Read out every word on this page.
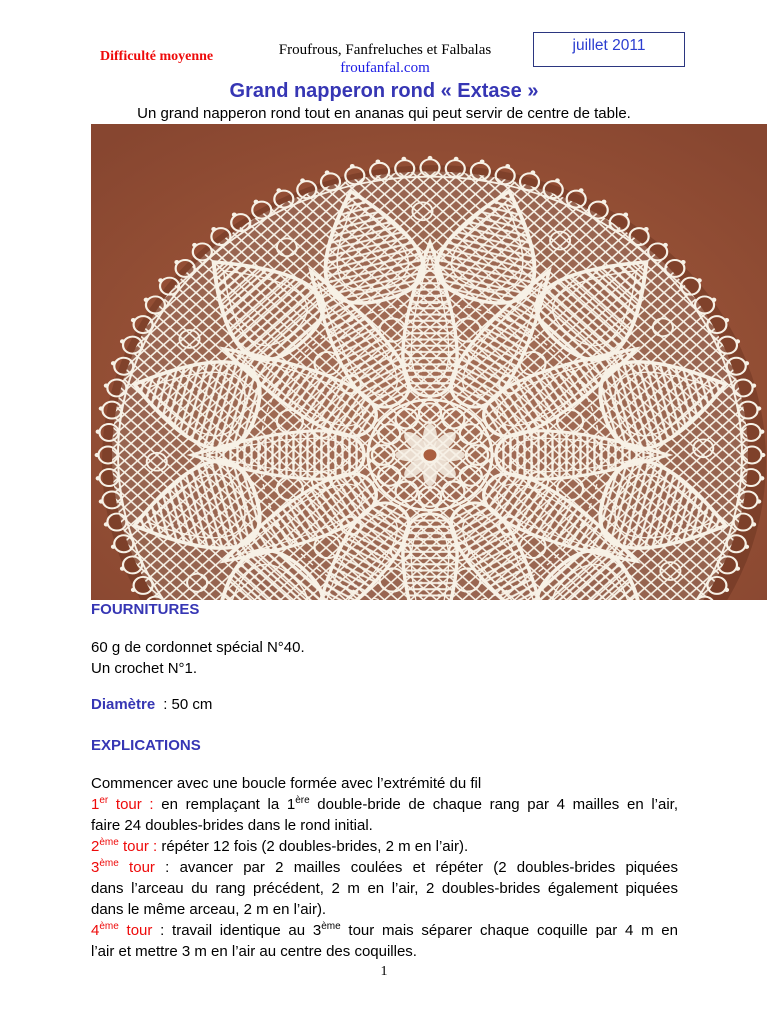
Difficulté moyenne	Froufrous, Fanfreluches et Falbalas
froufanfal.com
juillet 2011
Grand napperon rond « Extase »
Un grand napperon rond tout en ananas qui peut servir de centre de table.
FOURNITURES
60 g de cordonnet spécial N°40.
Un crochet N°1.
Diamètre : 50 cm
EXPLICATIONS
Commencer avec une boucle formée avec l’extrémité du fil
1er tour : en remplaçant la 1ère double-bride de chaque rang par 4 mailles en l’air,
faire 24 doubles-brides dans le rond initial.
2ème tour : répéter 12 fois (2 doubles-brides, 2 m en l’air).
3ème tour : avancer par 2 mailles coulées et répéter (2 doubles-brides piquées
dans l’arceau du rang précédent, 2 m en l’air, 2 doubles-brides également piquées
dans le même arceau, 2 m en l’air).
4ème tour : travail identique au 3ème tour mais séparer chaque coquille par 4 m en
l’air et mettre 3 m en l’air au centre des coquilles.
1
